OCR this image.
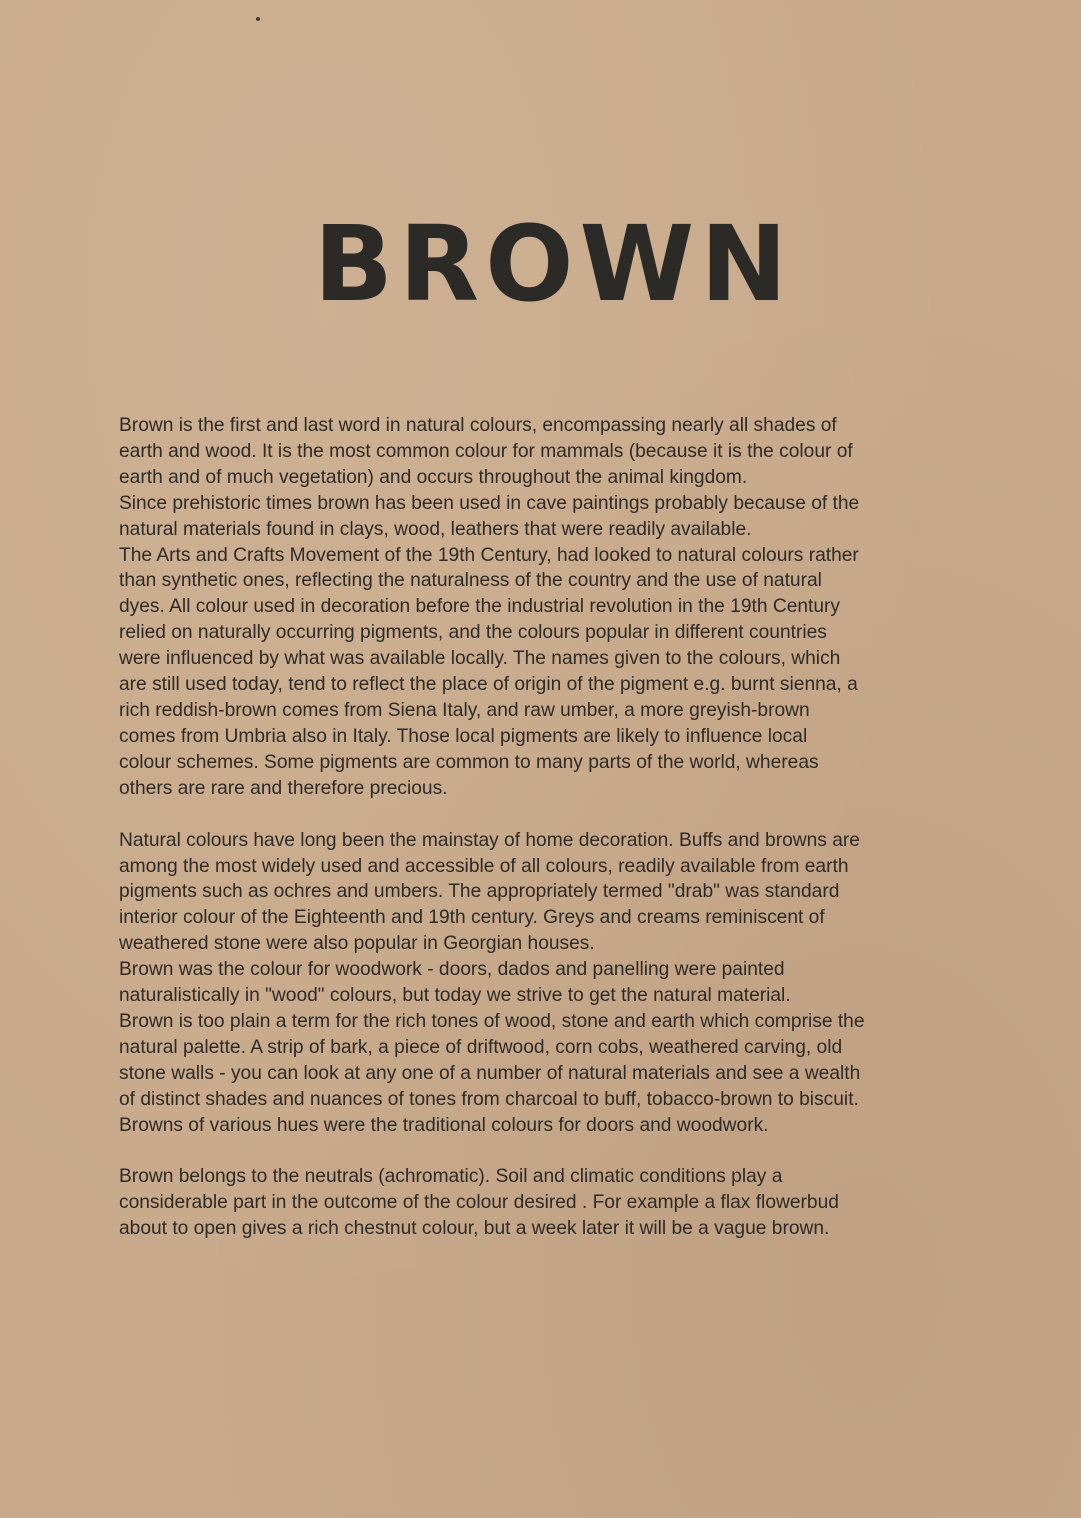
BROWN

Brown is the first and last word in natural colours, encompassing nearly all shades of

earth and wood. It is the most common colour for mammals (because it is the colour of

earth and of much vegetation) and occurs throughout the animal kingdom.

Since prehistoric times brown has been used in cave paintings probably because of the

natural materials found in clays, wood, leathers that were readily available.

The Arts and Crafts Movement of the 19th Century, had looked to natural colours rather

than synthetic ones, reflecting the naturalness of the country and the use of natural

dyes. All colour used in decoration before the industrial revolution in the 19th Century

relied on naturally occurring pigments, and the colours popular in different countries

were influenced by what was available locally. The names given to the colours, which

are still used today, tend to reflect the place of origin of the pigment e.g. burnt sienna, a

rich reddish-brown comes from Siena Italy, and raw umber, a more greyish-brown

comes from Umbria also in Italy. Those local pigments are likely to influence local

colour schemes. Some pigments are common to many parts of the world, whereas

others are rare and therefore precious.

Natural colours have long been the mainstay of home decoration. Buffs and browns are

among the most widely used and accessible of all colours, readily available from earth

pigments such as ochres and umbers. The appropriately termed "drab" was standard

interior colour of the Eighteenth and 19th century. Greys and creams reminiscent of

weathered stone were also popular in Georgian houses.

Brown was the colour for woodwork - doors, dados and panelling were painted

naturalistically in "wood" colours, but today we strive to get the natural material.

Brown is too plain a term for the rich tones of wood, stone and earth which comprise the

natural palette. A strip of bark, a piece of driftwood, corn cobs, weathered carving, old

stone walls - you can look at any one of a number of natural materials and see a wealth

of distinct shades and nuances of tones from charcoal to buff, tobacco-brown to biscuit.

Browns of various hues were the traditional colours for doors and woodwork.

Brown belongs to the neutrals (achromatic). Soil and climatic conditions play a

considerable part in the outcome of the colour desired . For example a flax flowerbud

about to open gives a rich chestnut colour, but a week later it will be a vague brown.
